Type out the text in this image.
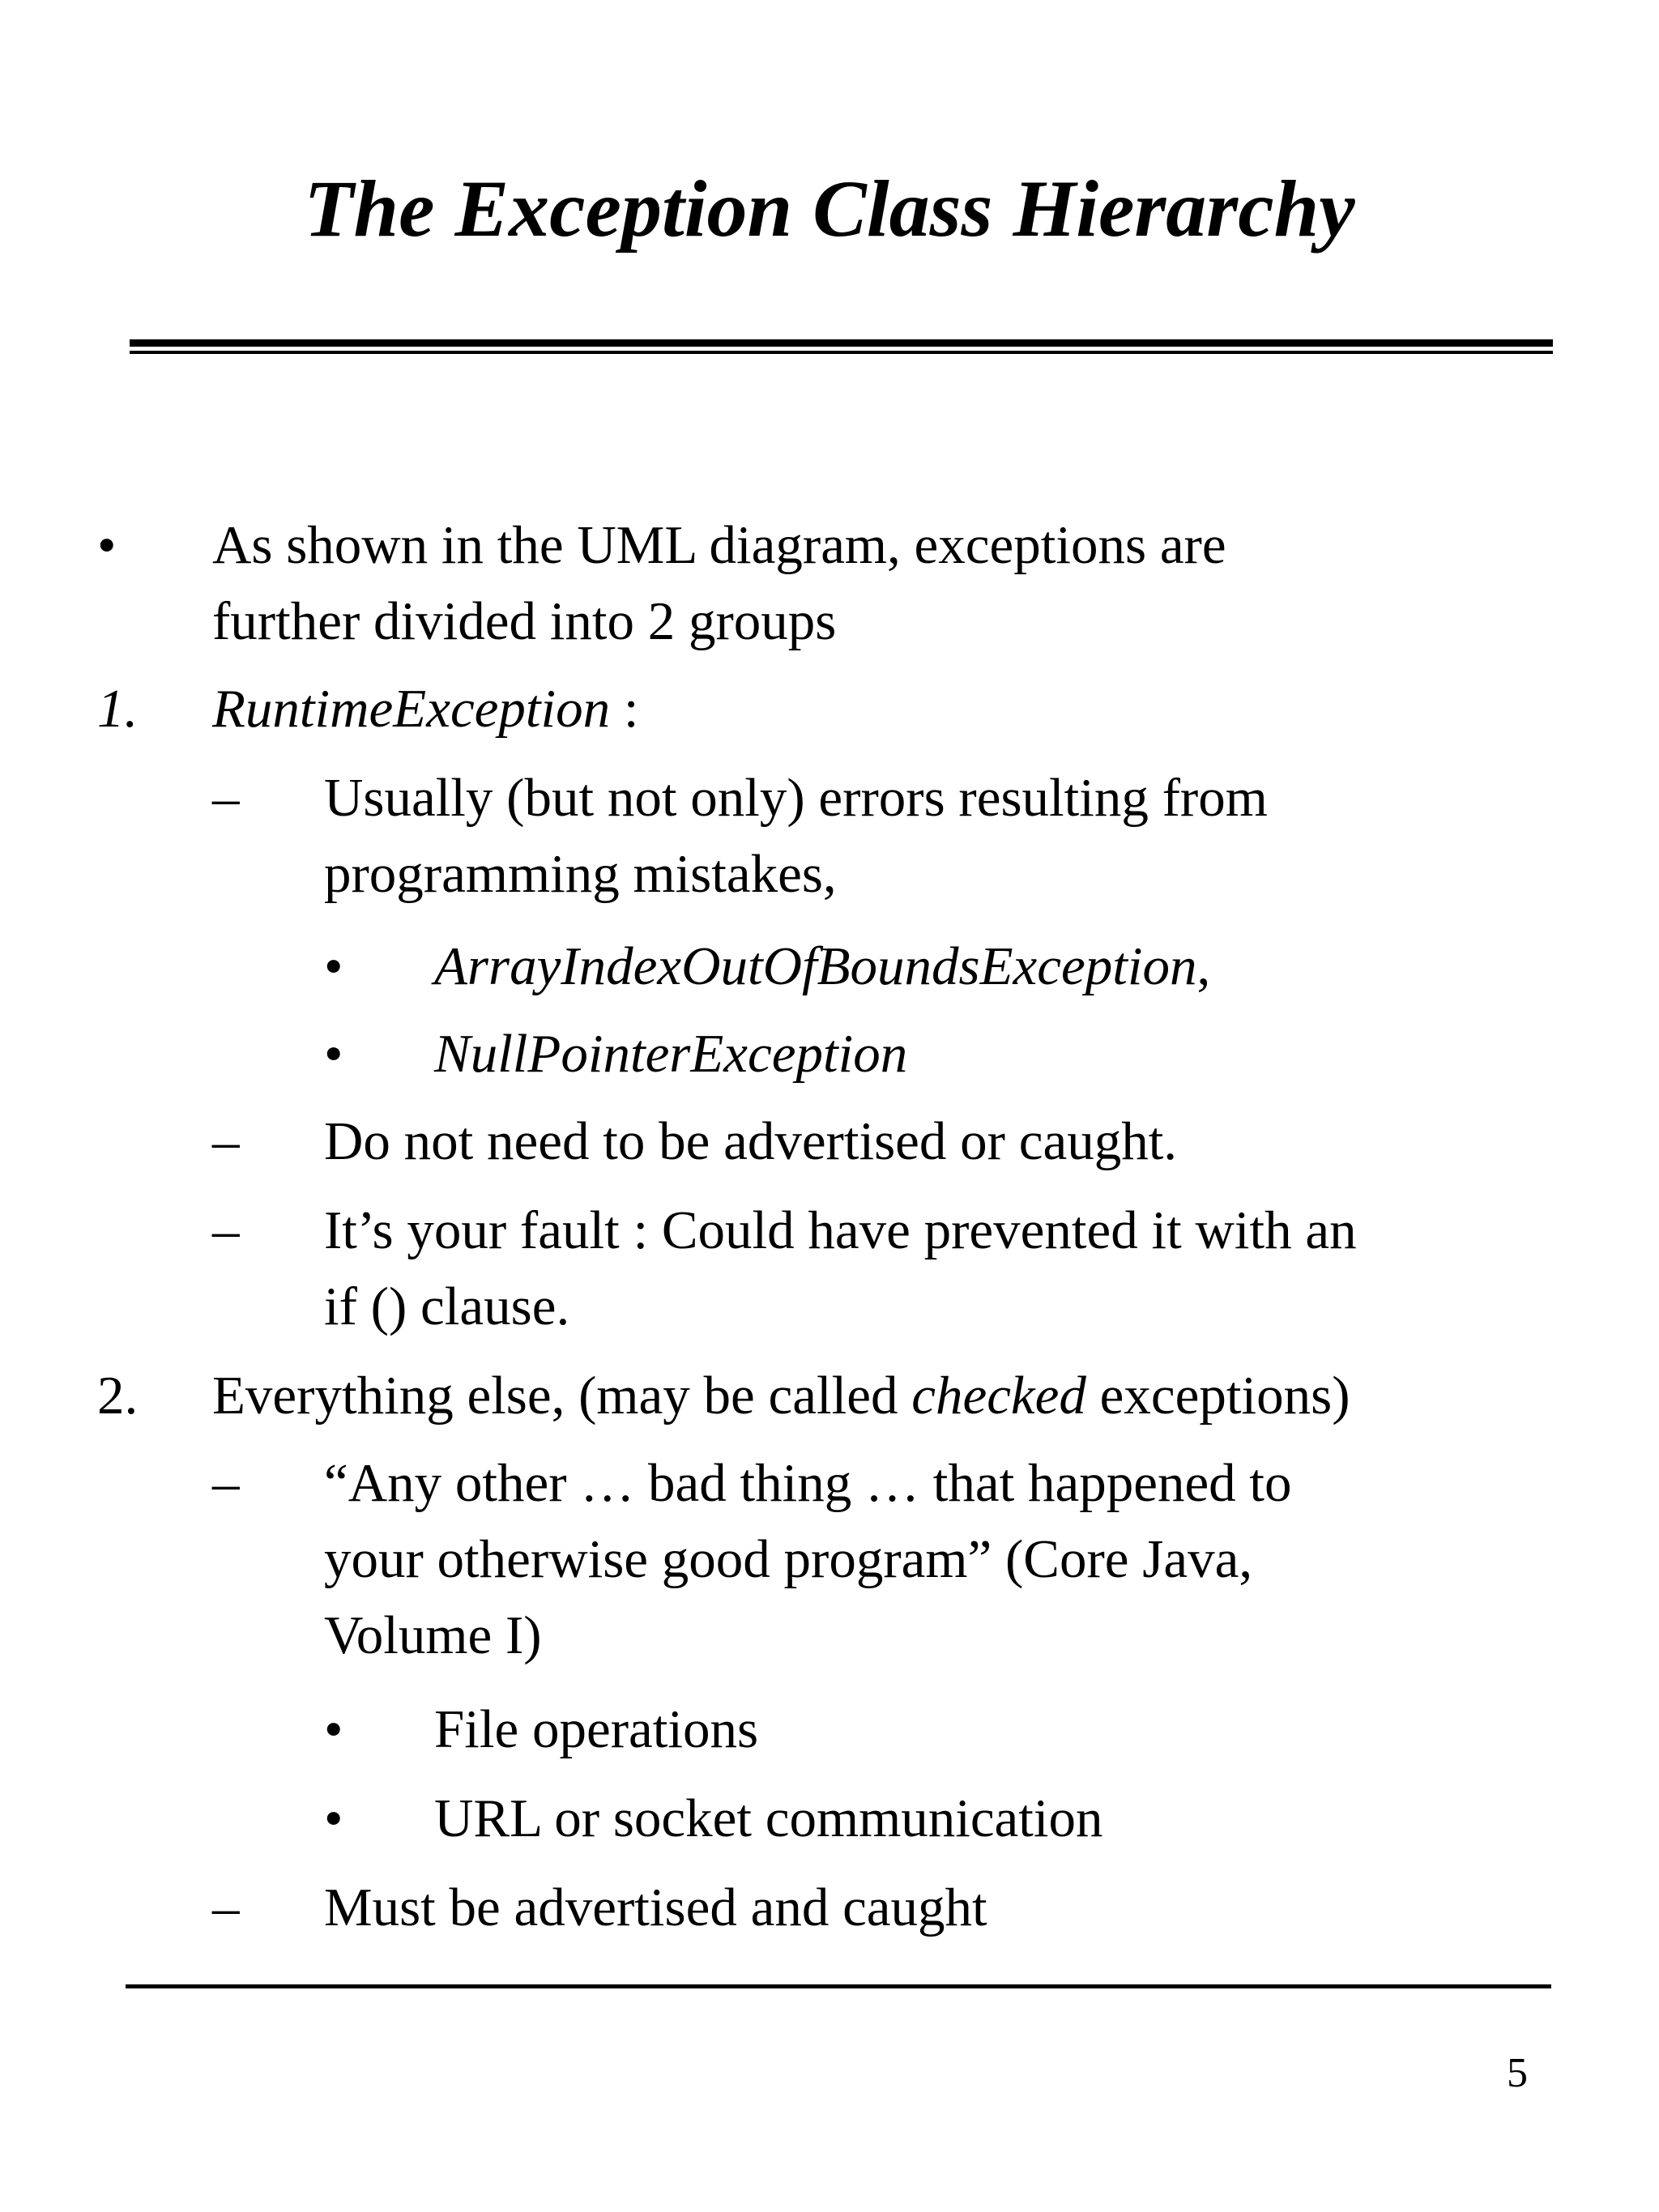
The Exception Class Hierarchy
• As shown in the UML diagram, exceptions are
further divided into 2 groups
1. RuntimeException :
– Usually (but not only) errors resulting from
programming mistakes,
• ArrayIndexOutOfBoundsException,
• NullPointerException
– Do not need to be advertised or caught.
– It’s your fault : Could have prevented it with an
if () clause.
2. Everything else, (may be called checked exceptions)
– “Any other … bad thing … that happened to
your otherwise good program” (Core Java,
Volume I)
• File operations
• URL or socket communication
– Must be advertised and caught
5
